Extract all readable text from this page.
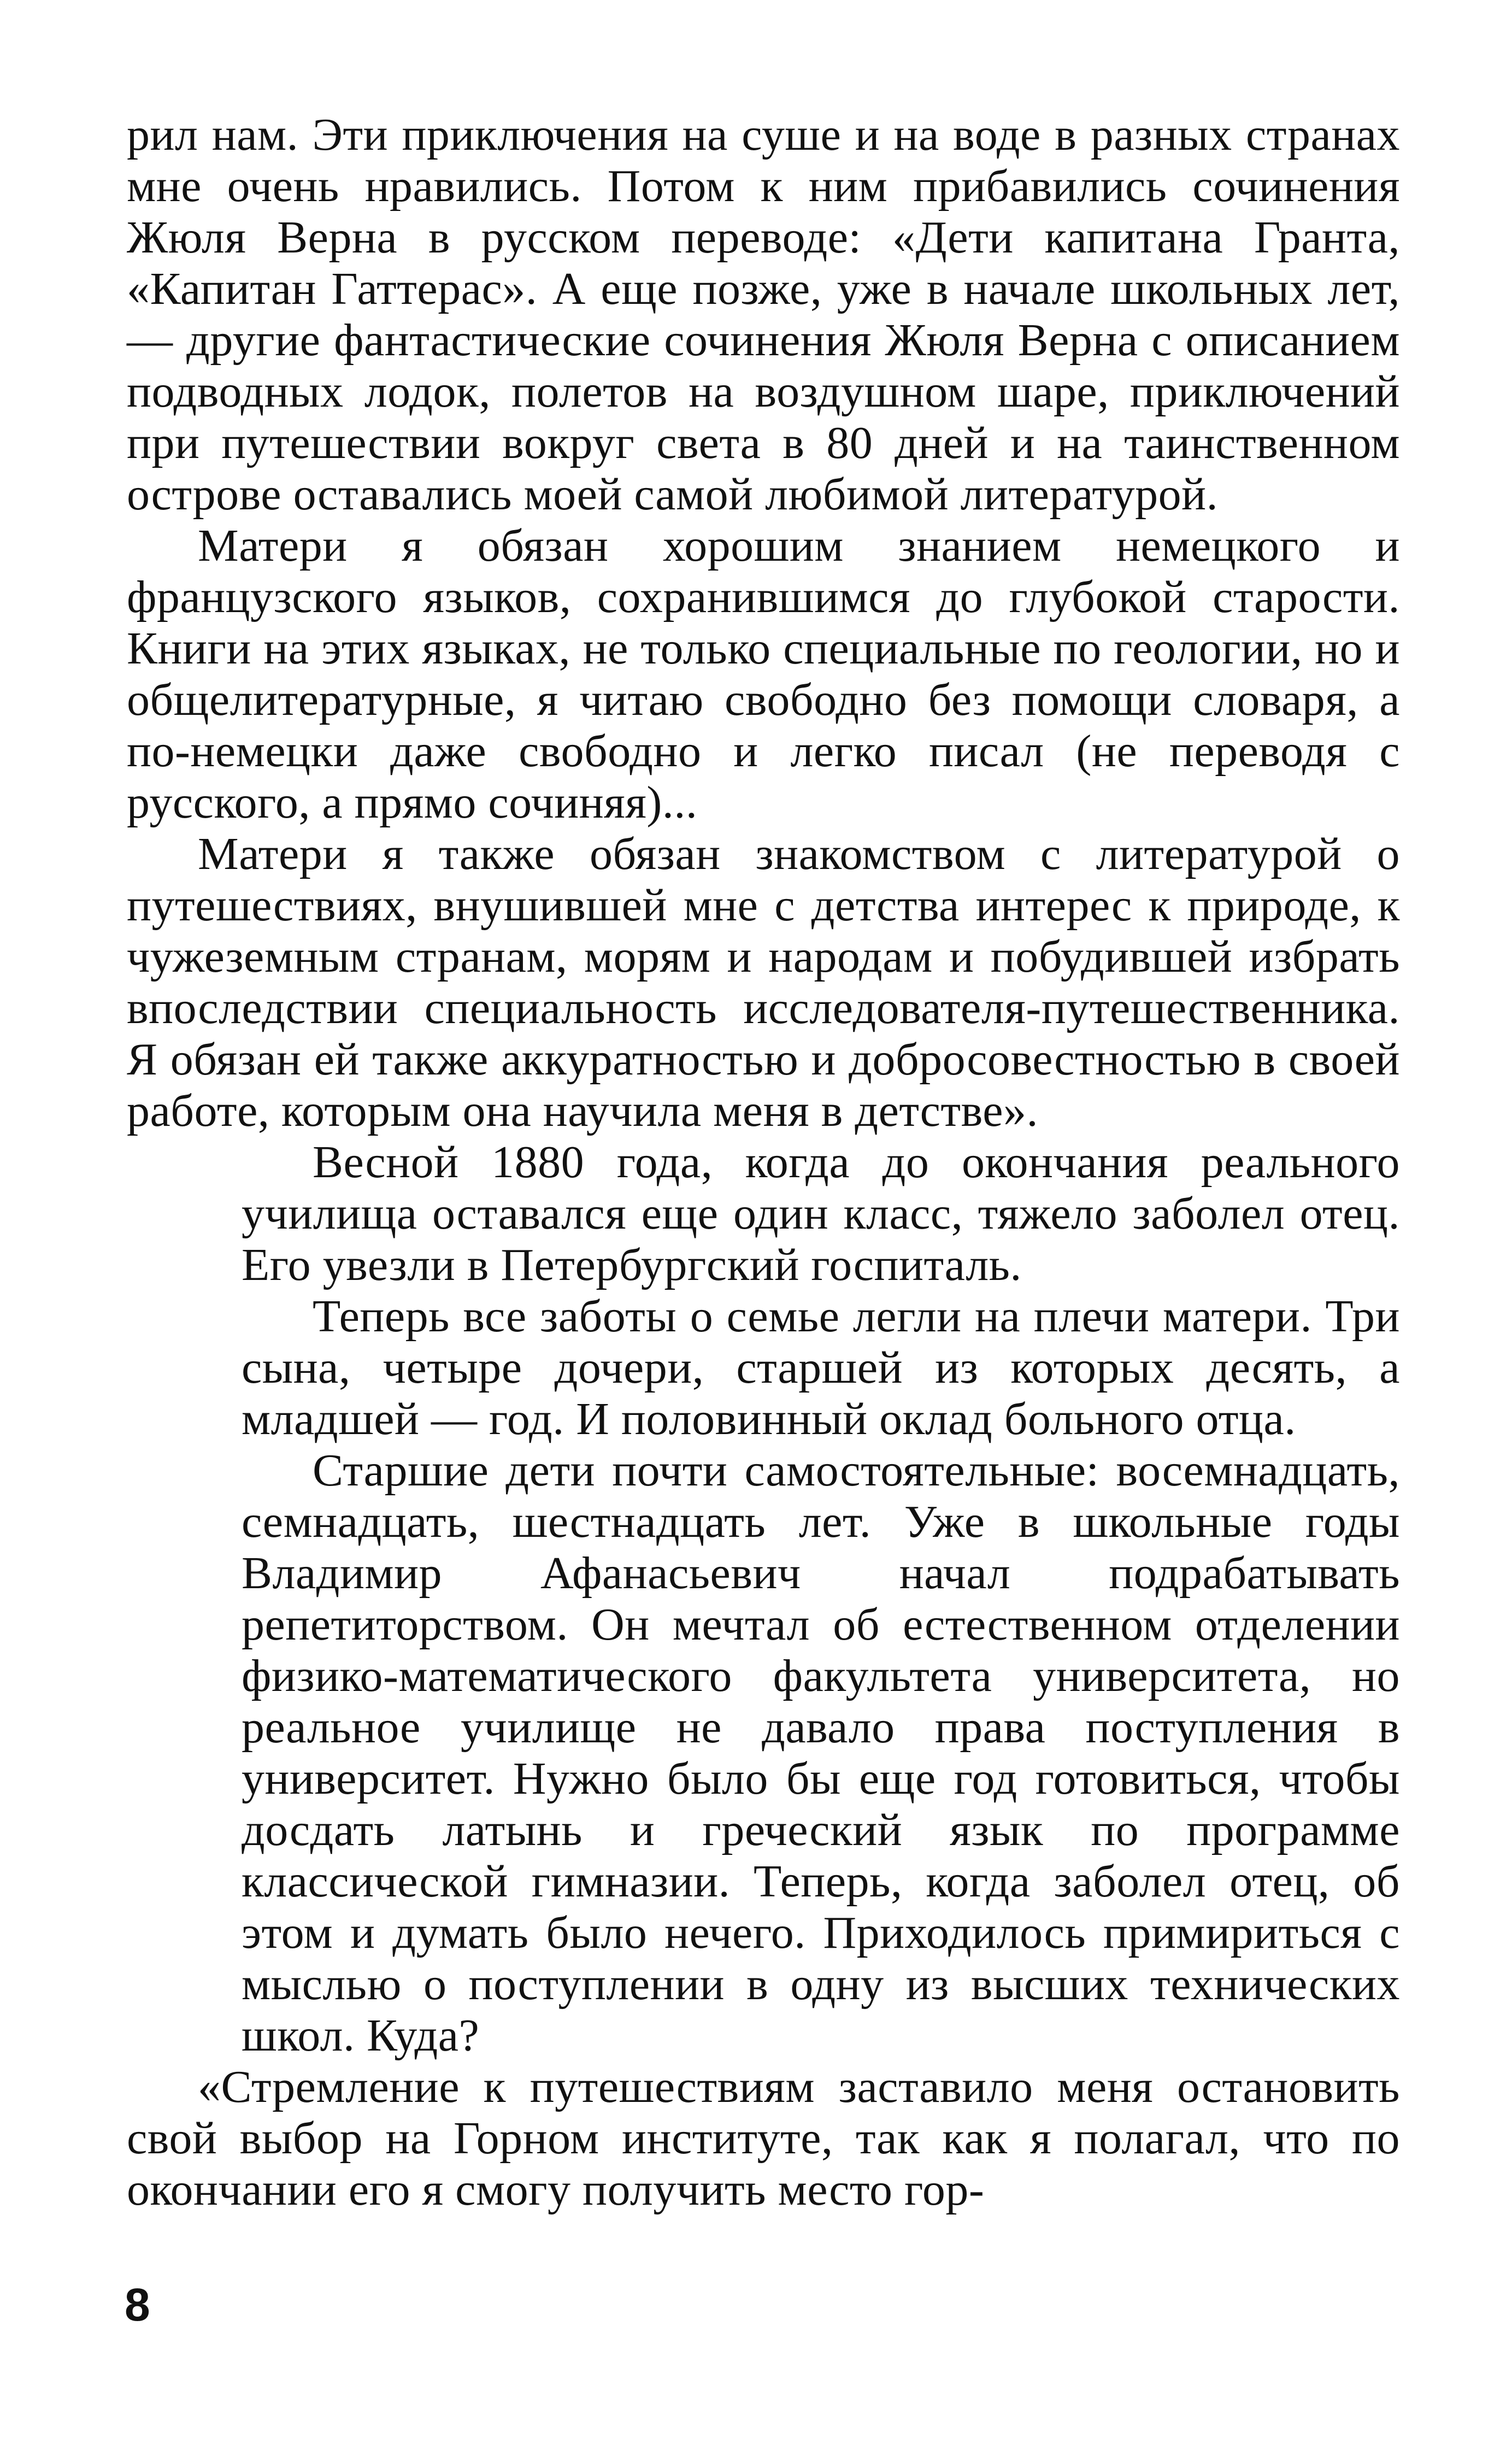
рил нам. Эти приключения на суше и на воде в разных странах мне очень нравились. Потом к ним прибавились сочинения Жюля Верна в русском переводе: «Дети капитана Гранта, «Капитан Гаттерас». А еще позже, уже в начале школьных лет, — другие фантастические сочинения Жюля Верна с описанием подводных лодок, полетов на воздушном шаре, приключений при путешествии вокруг света в 80 дней и на таинственном острове оставались моей самой любимой литературой.

Матери я обязан хорошим знанием немецкого и французского языков, сохранившимся до глубокой старости. Книги на этих языках, не только специальные по геологии, но и общелитературные, я читаю свободно без помощи словаря, а по-немецки даже свободно и легко писал (не переводя с русского, а прямо сочиняя)...

Матери я также обязан знакомством с литературой о путешествиях, внушившей мне с детства интерес к природе, к чужеземным странам, морям и народам и побудившей избрать впоследствии специальность исследователя-путешественника. Я обязан ей также аккуратностью и добросовестностью в своей работе, которым она научила меня в детстве».

Весной 1880 года, когда до окончания реального училища оставался еще один класс, тяжело заболел отец. Его увезли в Петербургский госпиталь.

Теперь все заботы о семье легли на плечи матери. Три сына, четыре дочери, старшей из которых десять, а младшей — год. И половинный оклад больного отца.

Старшие дети почти самостоятельные: восемнадцать, семнадцать, шестнадцать лет. Уже в школьные годы Владимир Афанасьевич начал подрабатывать репетиторством. Он мечтал об естественном отделении физико-математического факультета университета, но реальное училище не давало права поступления в университет. Нужно было бы еще год готовиться, чтобы досдать латынь и греческий язык по программе классической гимназии. Теперь, когда заболел отец, об этом и думать было нечего. Приходилось примириться с мыслью о поступлении в одну из высших технических школ. Куда?

«Стремление к путешествиям заставило меня остановить свой выбор на Горном институте, так как я полагал, что по окончании его я смогу получить место гор-

8
